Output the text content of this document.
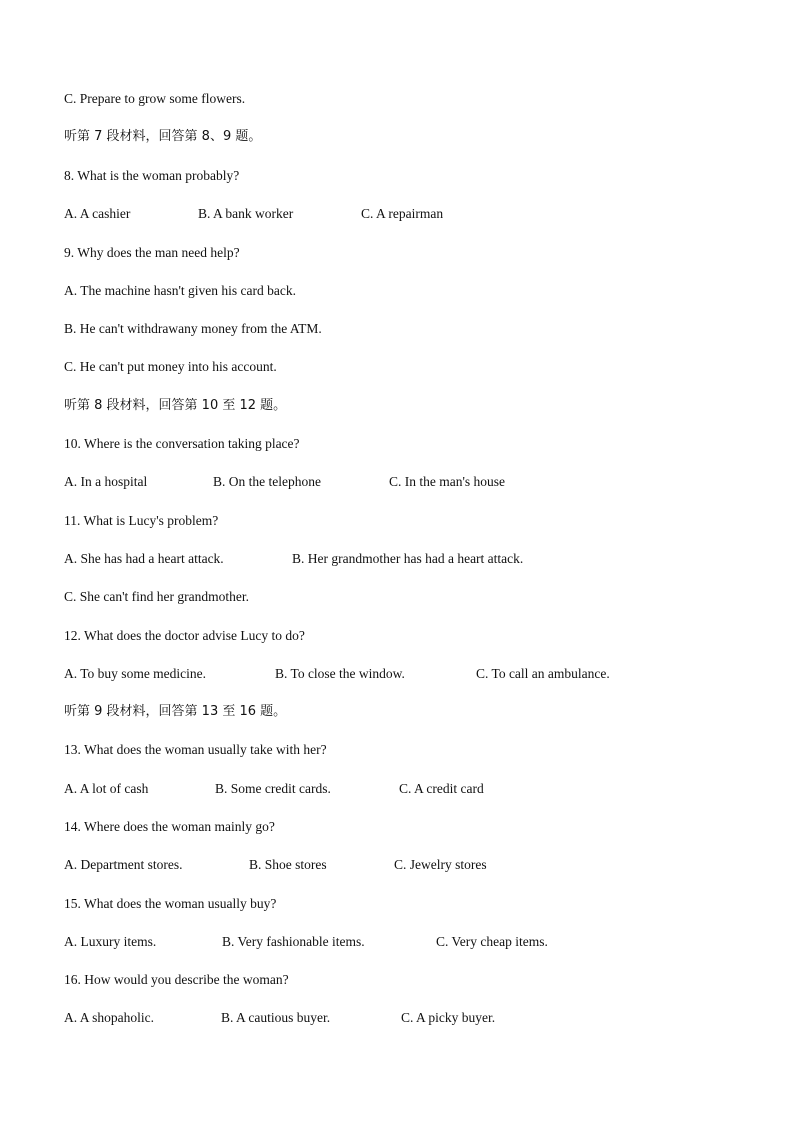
C. Prepare to grow some flowers.
听第 7 段材料，回答第 8、9 题。
8. What is the woman probably?
A. A cashier	B. A bank worker	C. A repairman
9. Why does the man need help?
A. The machine hasn't given his card back.
B. He can't withdrawany money from the ATM.
C. He can't put money into his account.
听第 8 段材料，回答第 10 至 12 题。
10. Where is the conversation taking place?
A. In a hospital	B. On the telephone	C. In the man's house
11. What is Lucy's problem?
A. She has had a heart attack.	B. Her grandmother has had a heart attack.
C. She can't find her grandmother.
12. What does the doctor advise Lucy to do?
A. To buy some medicine.	B. To close the window.	C. To call an ambulance.
听第 9 段材料，回答第 13 至 16 题。
13. What does the woman usually take with her?
A. A lot of cash	B. Some credit cards.	C. A credit card
14. Where does the woman mainly go?
A. Department stores.	B. Shoe stores	C. Jewelry stores
15. What does the woman usually buy?
A. Luxury items.	B. Very fashionable items.	C. Very cheap items.
16. How would you describe the woman?
A. A shopaholic.	B. A cautious buyer.	C. A picky buyer.
